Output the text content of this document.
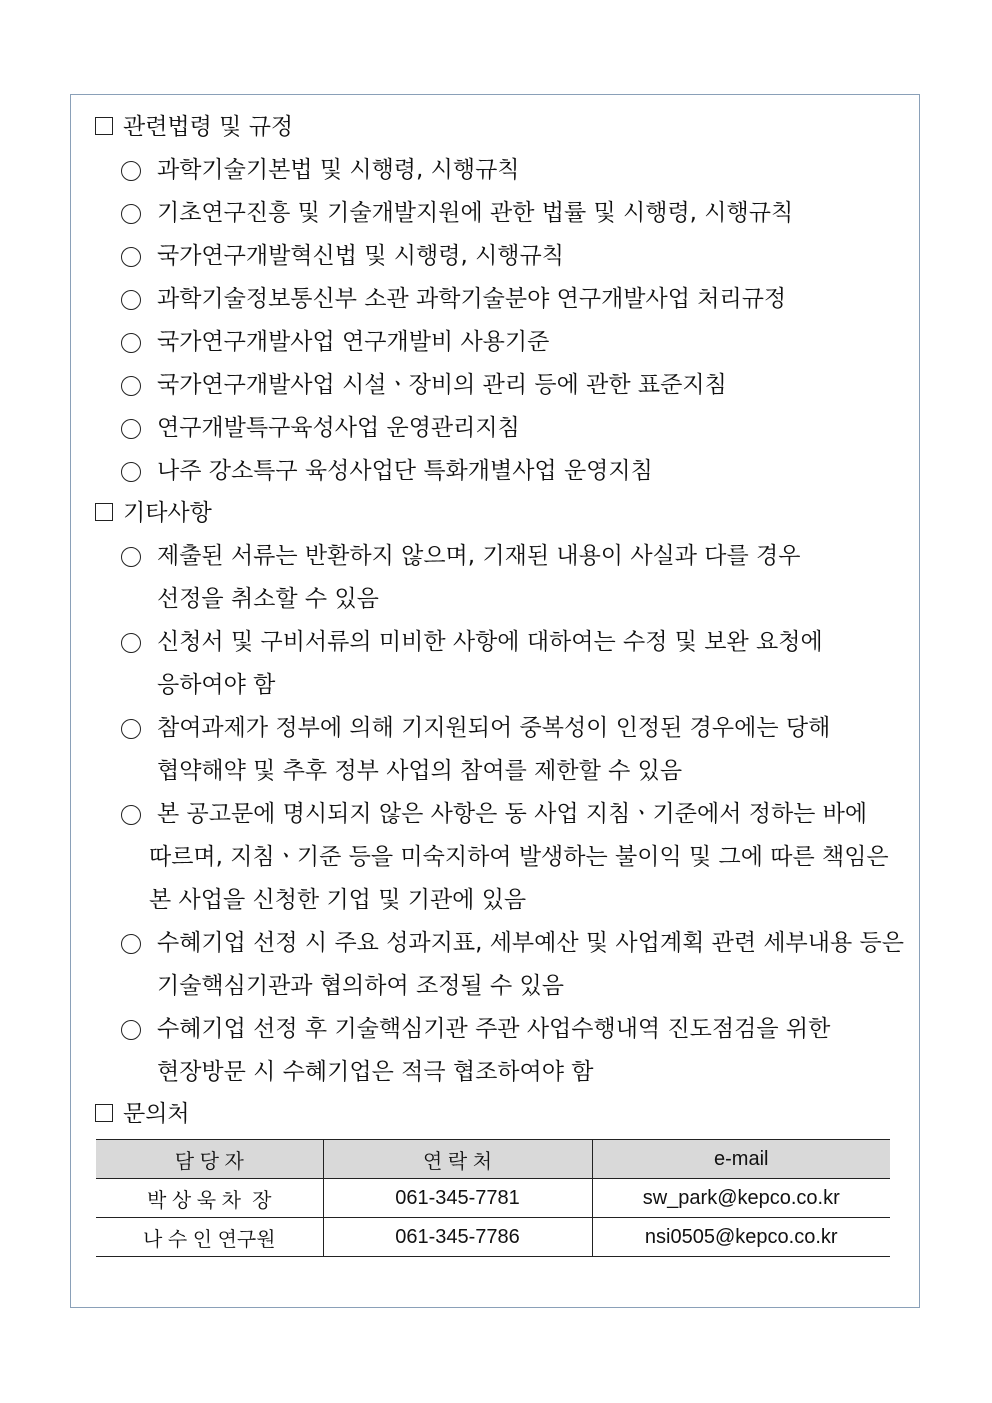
관련법령 및 규정
과학기술기본법 및 시행령, 시행규칙
기초연구진흥 및 기술개발지원에 관한 법률 및 시행령, 시행규칙
국가연구개발혁신법 및 시행령, 시행규칙
과학기술정보통신부 소관 과학기술분야 연구개발사업 처리규정
국가연구개발사업 연구개발비 사용기준
국가연구개발사업 시설ㆍ장비의 관리 등에 관한 표준지침
연구개발특구육성사업 운영관리지침
나주 강소특구 육성사업단 특화개별사업 운영지침
기타사항
제출된 서류는 반환하지 않으며, 기재된 내용이 사실과 다를 경우
선정을 취소할 수 있음
신청서 및 구비서류의 미비한 사항에 대하여는 수정 및 보완 요청에
응하여야 함
참여과제가 정부에 의해 기지원되어 중복성이 인정된 경우에는 당해
협약해약 및 추후 정부 사업의 참여를 제한할 수 있음
본 공고문에 명시되지 않은 사항은 동 사업 지침ㆍ기준에서 정하는 바에
따르며, 지침ㆍ기준 등을 미숙지하여 발생하는 불이익 및 그에 따른 책임은
본 사업을 신청한 기업 및 기관에 있음
수혜기업 선정 시 주요 성과지표, 세부예산 및 사업계획 관련 세부내용 등은
기술핵심기관과 협의하여 조정될 수 있음
수혜기업 선정 후 기술핵심기관 주관 사업수행내역 진도점검을 위한
현장방문 시 수혜기업은 적극 협조하여야 함
문의처
담 당 자	연 락 처	e-mail
박 상 욱 차  장	061-345-7781	sw_park@kepco.co.kr
나 수 인 연구원	061-345-7786	nsi0505@kepco.co.kr
